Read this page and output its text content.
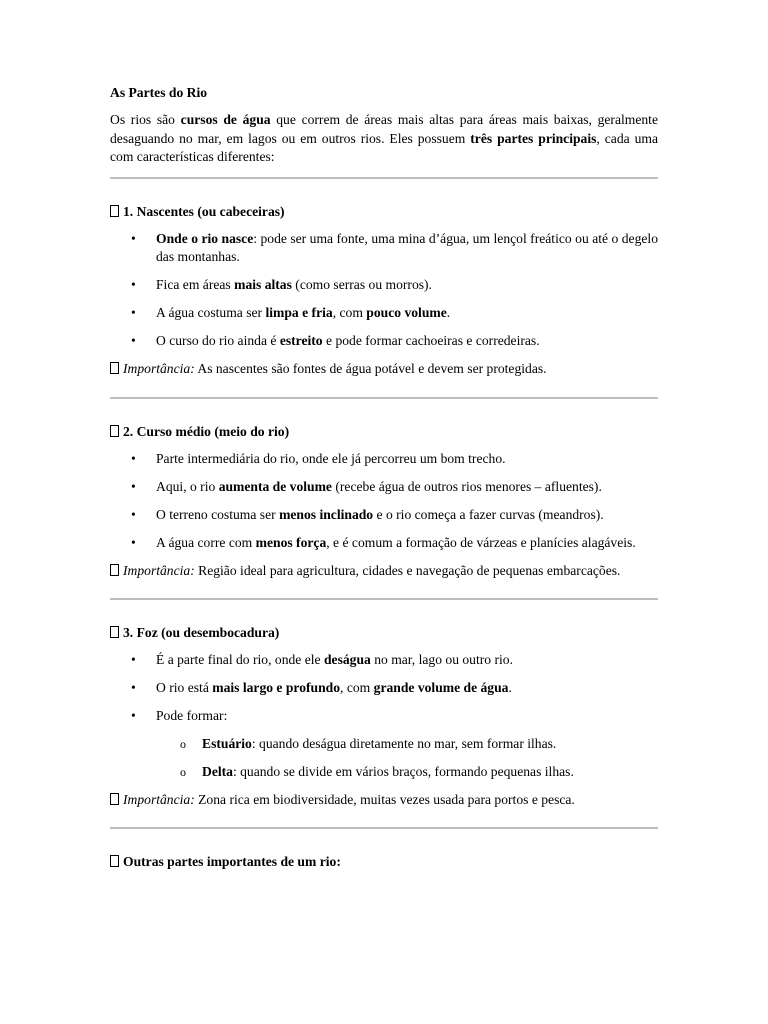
As Partes do Rio

Os rios são cursos de água que correm de áreas mais altas para áreas mais baixas, geralmente desaguando no mar, em lagos ou em outros rios. Eles possuem três partes principais, cada uma com características diferentes:

1. Nascentes (ou cabeceiras)
• Onde o rio nasce: pode ser uma fonte, uma mina d’água, um lençol freático ou até o degelo das montanhas.
• Fica em áreas mais altas (como serras ou morros).
• A água costuma ser limpa e fria, com pouco volume.
• O curso do rio ainda é estreito e pode formar cachoeiras e corredeiras.
Importância: As nascentes são fontes de água potável e devem ser protegidas.
2. Curso médio (meio do rio)
• Parte intermediária do rio, onde ele já percorreu um bom trecho.
• Aqui, o rio aumenta de volume (recebe água de outros rios menores – afluentes).
• O terreno costuma ser menos inclinado e o rio começa a fazer curvas (meandros).
• A água corre com menos força, e é comum a formação de várzeas e planícies alagáveis.
Importância: Região ideal para agricultura, cidades e navegação de pequenas embarcações.
3. Foz (ou desembocadura)
• É a parte final do rio, onde ele deságua no mar, lago ou outro rio.
• O rio está mais largo e profundo, com grande volume de água.
• Pode formar:
o Estuário: quando deságua diretamente no mar, sem formar ilhas.
o Delta: quando se divide em vários braços, formando pequenas ilhas.
Importância: Zona rica em biodiversidade, muitas vezes usada para portos e pesca.
Outras partes importantes de um rio:
